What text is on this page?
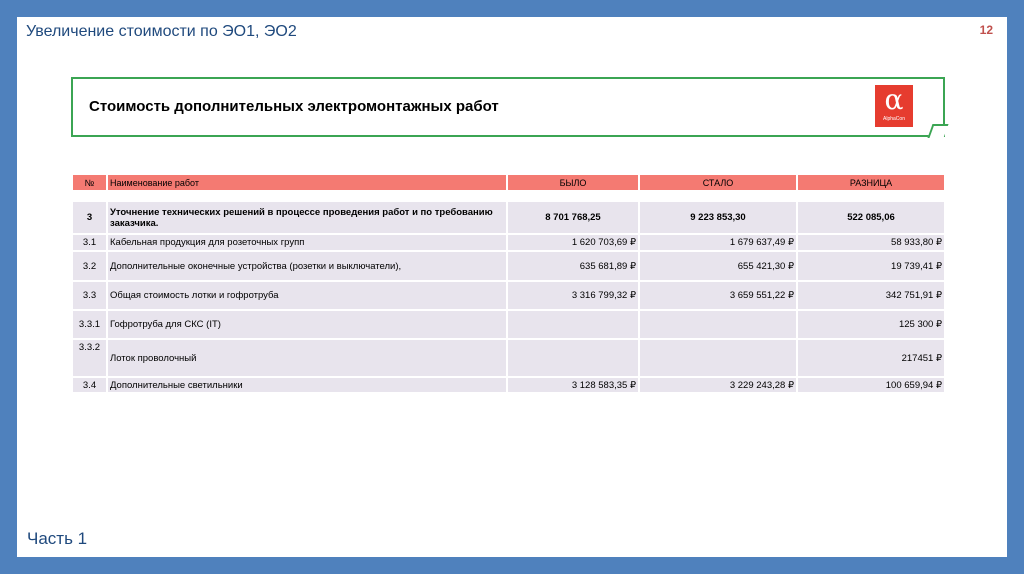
Увеличение стоимости по ЭО1, ЭО2	12
Стоимость дополнительных электромонтажных работ	α
AlphaCon
№	Наименование работ	БЫЛО	СТАЛО	РАЗНИЦА

3	Уточнение технических решений в процессе проведения работ и по требованию заказчика.	8 701 768,25	9 223 853,30	522 085,06
3.1	Кабельная продукция для розеточных групп	1 620 703,69 ₽	1 679 637,49 ₽	58 933,80 ₽
3.2	Дополнительные оконечные устройства (розетки и выключатели),	635 681,89 ₽	655 421,30 ₽	19 739,41 ₽
3.3	Общая стоимость лотки и гофротруба	3 316 799,32 ₽	3 659 551,22 ₽	342 751,91 ₽
3.3.1	Гофротруба для СКС (IT)			125 300 ₽
3.3.2	Лоток проволочный			217451 ₽
3.4	Дополнительные светильники	3 128 583,35 ₽	3 229 243,28 ₽	100 659,94 ₽
Часть 1
